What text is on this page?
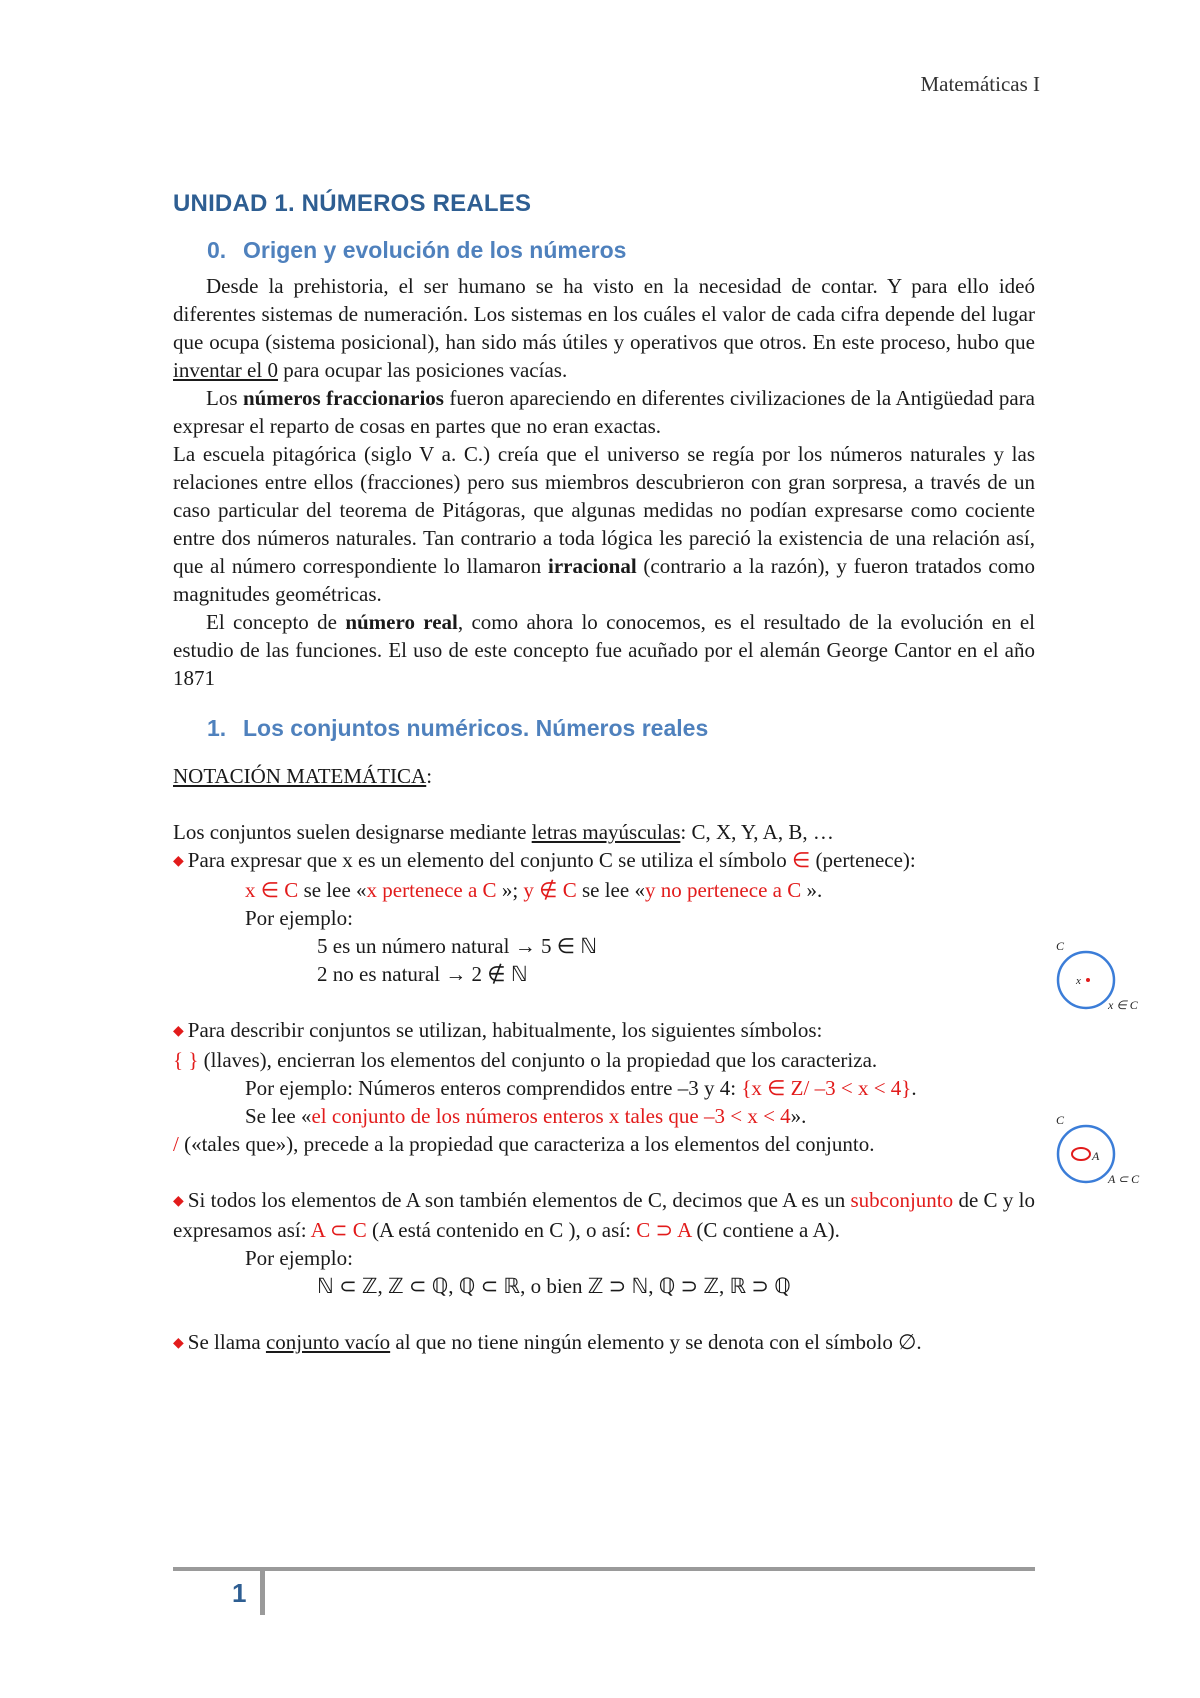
Matemáticas I
UNIDAD 1. NÚMEROS REALES
0. Origen y evolución de los números

Desde la prehistoria, el ser humano se ha visto en la necesidad de contar. Y para ello ideó diferentes sistemas de numeración. Los sistemas en los cuáles el valor de cada cifra depende del lugar que ocupa (sistema posicional), han sido más útiles y operativos que otros. En este proceso, hubo que inventar el 0 para ocupar las posiciones vacías.

Los números fraccionarios fueron apareciendo en diferentes civilizaciones de la Antigüedad para expresar el reparto de cosas en partes que no eran exactas.

La escuela pitagórica (siglo V a. C.) creía que el universo se regía por los números naturales y las relaciones entre ellos (fracciones) pero sus miembros descubrieron con gran sorpresa, a través de un caso particular del teorema de Pitágoras, que algunas medidas no podían expresarse como cociente entre dos números naturales. Tan contrario a toda lógica les pareció la existencia de una relación así, que al número correspondiente lo llamaron irracional (contrario a la razón), y fueron tratados como magnitudes geométricas.

El concepto de número real, como ahora lo conocemos, es el resultado de la evolución en el estudio de las funciones. El uso de este concepto fue acuñado por el alemán George Cantor en el año 1871

1. Los conjuntos numéricos. Números reales

NOTACIÓN MATEMÁTICA:

Los conjuntos suelen designarse mediante letras mayúsculas: C, X, Y, A, B, …

◆ Para expresar que x es un elemento del conjunto C se utiliza el símbolo ∈ (pertenece):

x ∈ C se lee «x pertenece a C »; y ∉ C se lee «y no pertenece a C ».

Por ejemplo:

5 es un número natural → 5 ∈ ℕ

2 no es natural → 2 ∉ ℕ

◆ Para describir conjuntos se utilizan, habitualmente, los siguientes símbolos:

{ } (llaves), encierran los elementos del conjunto o la propiedad que los caracteriza.

Por ejemplo: Números enteros comprendidos entre –3 y 4: {x ∈ Z/ –3 < x < 4}.

Se lee «el conjunto de los números enteros x tales que –3 < x < 4».

/ («tales que»), precede a la propiedad que caracteriza a los elementos del conjunto.

◆ Si todos los elementos de A son también elementos de C, decimos que A es un subconjunto de C y lo expresamos así: A ⊂ C (A está contenido en C ), o así: C ⊃ A (C contiene a A).

Por ejemplo:

ℕ ⊂ ℤ, ℤ ⊂ ℚ, ℚ ⊂ ℝ, o bien ℤ ⊃ ℕ, ℚ ⊃ ℤ, ℝ ⊃ ℚ

◆ Se llama conjunto vacío al que no tiene ningún elemento y se denota con el símbolo ∅.

C
x
x ∈ C
C
A
A ⊂ C
1
